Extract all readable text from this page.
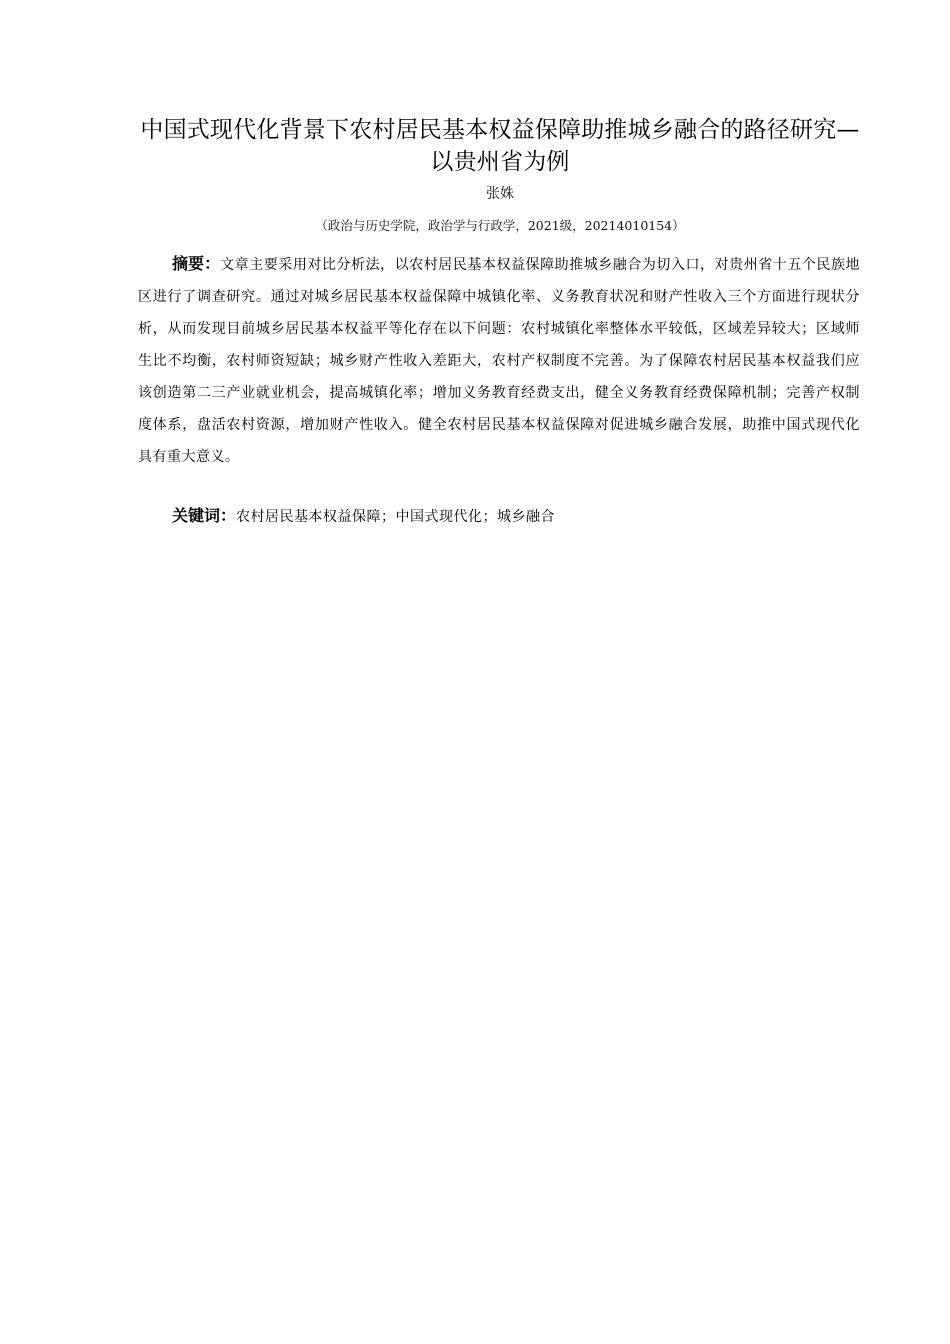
中国式现代化背景下农村居民基本权益保障助推城乡融合的路径研究—以贵州省为例
张姝
（政治与历史学院，政治学与行政学，2021级，20214010154）

摘要：文章主要采用对比分析法，以农村居民基本权益保障助推城乡融合为切入口，对贵州省十五个民族地区进行了调查研究。通过对城乡居民基本权益保障中城镇化率、义务教育状况和财产性收入三个方面进行现状分析，从而发现目前城乡居民基本权益平等化存在以下问题：农村城镇化率整体水平较低，区域差异较大；区域师生比不均衡，农村师资短缺；城乡财产性收入差距大，农村产权制度不完善。为了保障农村居民基本权益我们应该创造第二三产业就业机会，提高城镇化率；增加义务教育经费支出，健全义务教育经费保障机制；完善产权制度体系，盘活农村资源，增加财产性收入。健全农村居民基本权益保障对促进城乡融合发展，助推中国式现代化具有重大意义。

关键词：农村居民基本权益保障；中国式现代化；城乡融合
